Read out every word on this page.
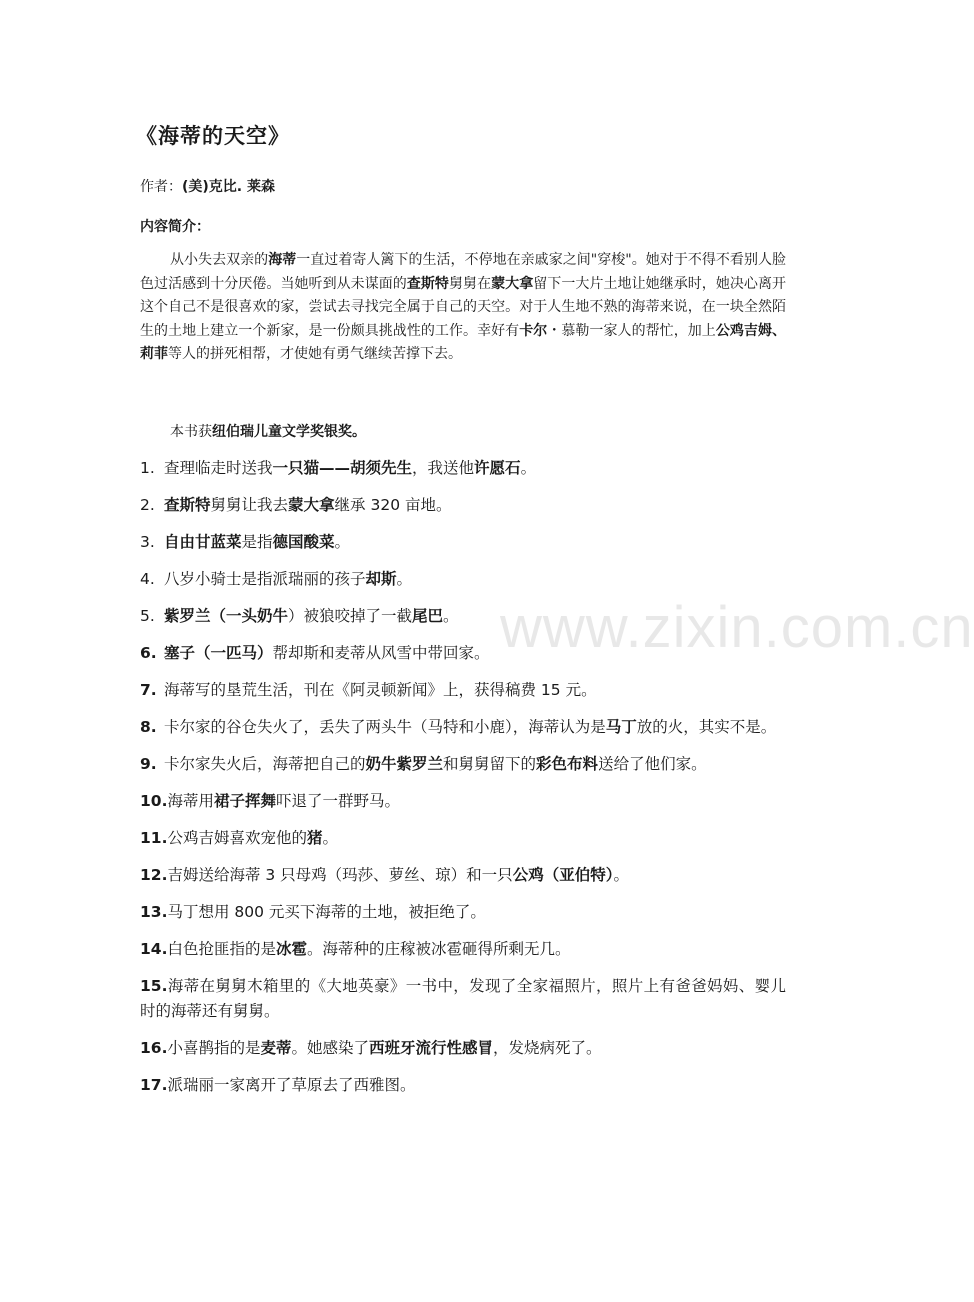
《海蒂的天空》
作者：(美)克比. 莱森
内容简介：

从小失去双亲的海蒂一直过着寄人篱下的生活，不停地在亲戚家之间"穿梭"。她对于不得不看别人脸色过活感到十分厌倦。当她听到从未谋面的查斯特舅舅在蒙大拿留下一大片土地让她继承时，她决心离开这个自己不是很喜欢的家，尝试去寻找完全属于自己的天空。对于人生地不熟的海蒂来说，在一块全然陌生的土地上建立一个新家，是一份颇具挑战性的工作。幸好有卡尔・慕勒一家人的帮忙，加上公鸡吉姆、莉菲等人的拼死相帮，才使她有勇气继续苦撑下去。

本书获纽伯瑞儿童文学奖银奖。
1. 查理临走时送我一只猫——胡须先生，我送他许愿石。
2. 查斯特舅舅让我去蒙大拿继承 320 亩地。
3. 自由甘蓝菜是指德国酸菜。
4. 八岁小骑士是指派瑞丽的孩子却斯。
5. 紫罗兰（一头奶牛）被狼咬掉了一截尾巴。
6. 塞子（一匹马）帮却斯和麦蒂从风雪中带回家。
7. 海蒂写的垦荒生活，刊在《阿灵顿新闻》上，获得稿费 15 元。
8. 卡尔家的谷仓失火了，丢失了两头牛（马特和小鹿），海蒂认为是马丁放的火，其实不是。
9. 卡尔家失火后，海蒂把自己的奶牛紫罗兰和舅舅留下的彩色布料送给了他们家。
10.海蒂用裙子挥舞吓退了一群野马。
11.公鸡吉姆喜欢宠他的猪。
12.吉姆送给海蒂 3 只母鸡（玛莎、萝丝、琼）和一只公鸡（亚伯特）。
13.马丁想用 800 元买下海蒂的土地，被拒绝了。
14.白色抢匪指的是冰雹。海蒂种的庄稼被冰雹砸得所剩无几。
15.海蒂在舅舅木箱里的《大地英豪》一书中，发现了全家福照片，照片上有爸爸妈妈、婴儿时的海蒂还有舅舅。
16.小喜鹊指的是麦蒂。她感染了西班牙流行性感冒，发烧病死了。
17.派瑞丽一家离开了草原去了西雅图。
www.zixin.com.cn
